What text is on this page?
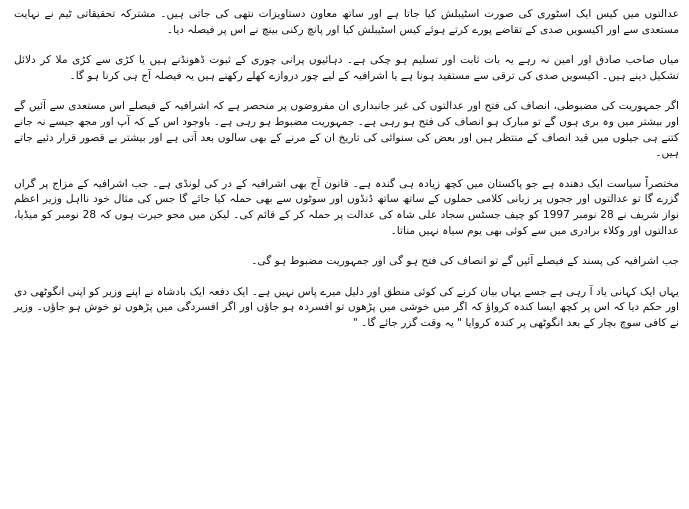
عدالتوں میں کیس ایک اسٹوری کی صورت اسٹیبلش کیا جاتا ہے اور ساتھ معاون دستاویزات نتھی کی جاتی ہیں۔ مشترکہ تحقیقاتی ٹیم نے نہایت مستعدی سے اور اکیسویں صدی کے تقاضے پورے کرتے ہوئے کیس اسٹیبلش کیا اور پانچ رکنی بینچ نے اس پر فیصلہ دیا۔

میاں صاحب صادق اور امین نہ رہے یہ بات ثابت اور تسلیم ہو چکی ہے۔ دہائیوں پرانی چوری کے ثبوت ڈھونڈنے ہیں یا کڑی سے کڑی ملا کر دلائل تشکیل دینے ہیں۔ اکیسویں صدی کی ترقی سے مستفید ہونا ہے یا اشرافیہ کے لیے چور دروازے کھلے رکھنے ہیں یہ فیصلہ آج ہی کرنا ہو گا۔

اگر جمہوریت کی مضبوطی، انصاف کی فتح اور عدالتوں کی غیر جانبداری ان مفروضوں پر منحصر ہے کہ اشرافیہ کے فیصلے اس مستعدی سے آئیں گے اور بیشتر میں وہ بری ہوں گے تو مبارک ہو انصاف کی فتح ہو رہی ہے۔ جمہوریت مضبوط ہو رہی ہے۔ باوجود اس کے کہ آپ اور مجھ جیسے نہ جانے کتنے ہی جیلوں میں قید انصاف کے منتظر ہیں اور بعض کی سنوائی کی تاریخ ان کے مرنے کے بھی سالوں بعد آتی ہے اور بیشتر بے قصور قرار دئیے جاتے ہیں۔

مختصراً سیاست ایک دھندہ ہے جو پاکستان میں کچھ زیادہ ہی گندہ ہے۔ قانون آج بھی اشرافیہ کے در کی لونڈی ہے۔ جب اشرافیہ کے مزاج پر گراں گزرے گا تو عدالتوں اور ججوں پر زبانی کلامی حملوں کے ساتھ ساتھ ڈنڈوں اور سوٹوں سے بھی حملہ کیا جائے گا جس کی مثال خود نااہل وزیر اعظم نواز شریف نے 28 نومبر 1997 کو چیف جسٹس سجاد علی شاہ کی عدالت پر حملہ کر کے قائم کی۔ لیکن میں محو حیرت ہوں کہ 28 نومبر کو میڈیا، عدالتوں اور وکلاء برادری میں سے کوئی بھی یوم سیاہ نہیں مناتا۔

جب اشرافیہ کی پسند کے فیصلے آئیں گے تو انصاف کی فتح ہو گی اور جمہوریت مضبوط ہو گی۔

یہاں ایک کہانی یاد آ رہی ہے جسے یہاں بیان کرنے کی کوئی منطق اور دلیل میرے پاس نہیں ہے۔ ایک دفعہ ایک بادشاہ نے اپنے وزیر کو اپنی انگوٹھی دی اور حکم دیا کہ اس پر کچھ ایسا کندہ کرواؤ کہ اگر میں خوشی میں پڑھوں تو افسردہ ہو جاؤں اور اگر افسردگی میں پڑھوں تو خوش ہو جاؤں۔ وزیر نے کافی سوچ بچار کے بعد انگوٹھی پر کندہ کروایا " یہ وقت گزر جائے گا۔ "
